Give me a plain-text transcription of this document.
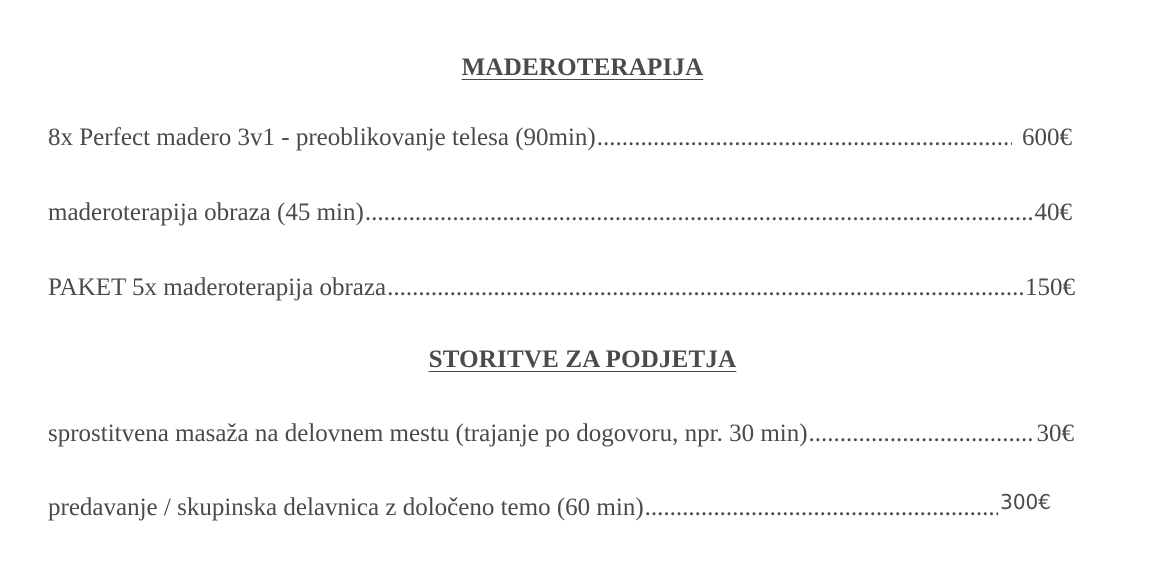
MADEROTERAPIJA
8x Perfect madero 3v1 - preoblikovanje telesa (90min) .....	600€
maderoterapija obraza (45 min) .....	40€
PAKET 5x maderoterapija obraza .....	150€
STORITVE ZA PODJETJA
sprostitvena masaža na delovnem mestu (trajanje po dogovoru, npr. 30 min) .....	30€
predavanje / skupinska delavnica z določeno temo (60 min) .....	300€
